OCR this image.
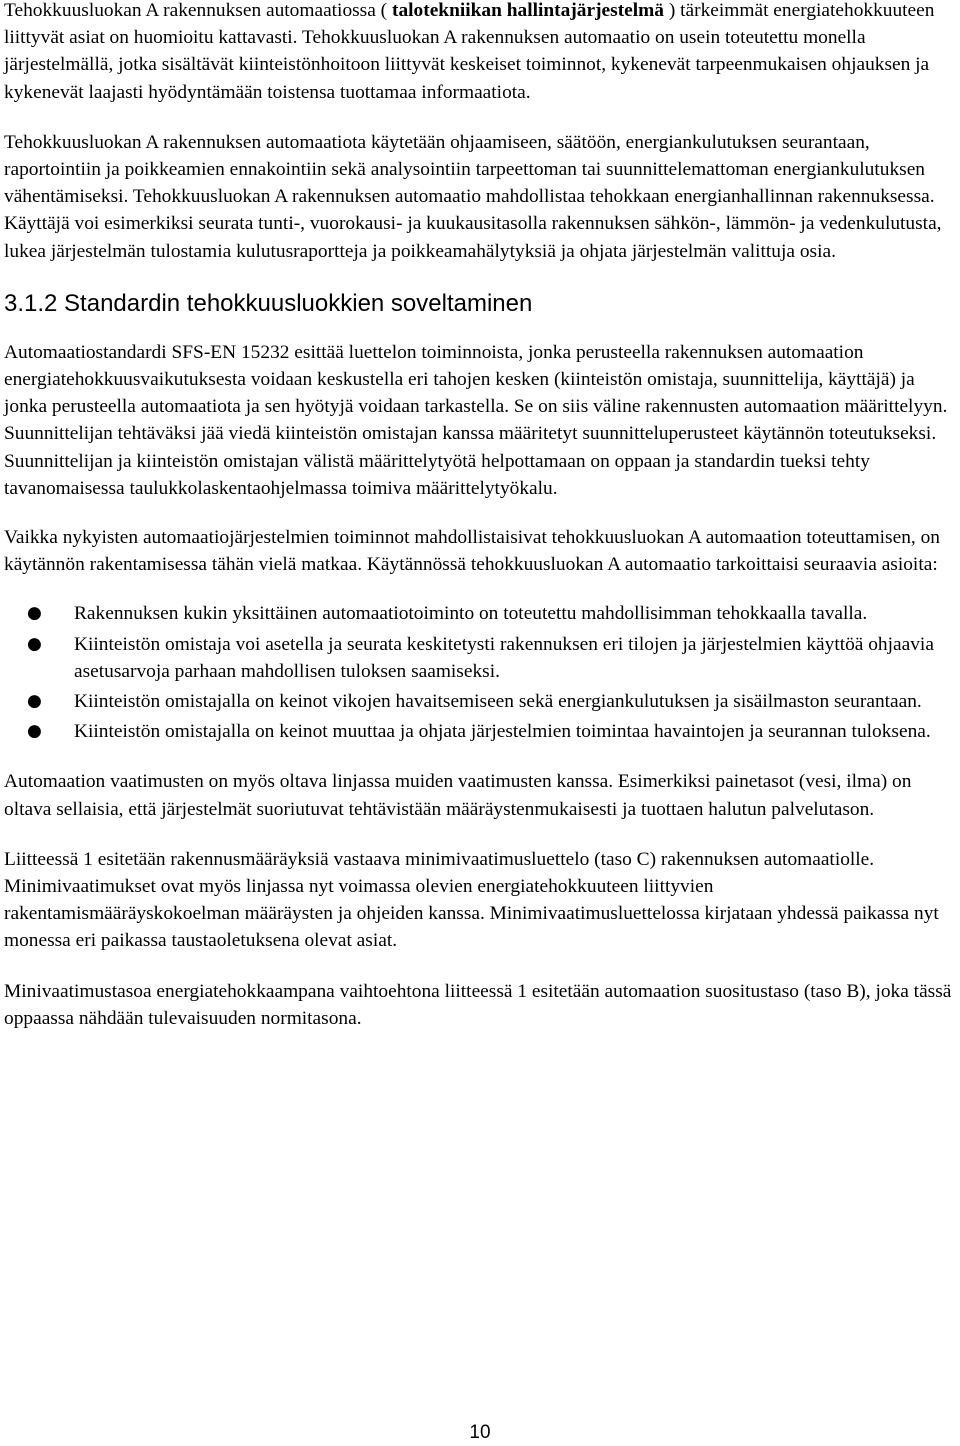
Tehokkuusluokan A rakennuksen automaatiossa ( talotekniikan hallintajärjestelmä ) tärkeimmät energiatehokkuuteen liittyvät asiat on huomioitu kattavasti. Tehokkuusluokan A rakennuksen automaatio on usein toteutettu monella järjestelmällä, jotka sisältävät kiinteistönhoitoon liittyvät keskeiset toiminnot, kykenevät tarpeenmukaisen ohjauksen ja kykenevät laajasti hyödyntämään toistensa tuottamaa informaatiota.

Tehokkuusluokan A rakennuksen automaatiota käytetään ohjaamiseen, säätöön, energiankulutuksen seurantaan, raportointiin ja poikkeamien ennakointiin sekä analysointiin tarpeettoman tai suunnittelemattoman energiankulutuksen vähentämiseksi. Tehokkuusluokan A rakennuksen automaatio mahdollistaa tehokkaan energianhallinnan rakennuksessa. Käyttäjä voi esimerkiksi seurata tunti-, vuorokausi- ja kuukausitasolla rakennuksen sähkön-, lämmön- ja vedenkulutusta, lukea järjestelmän tulostamia kulutusraportteja ja poikkeamahälytyksiä ja ohjata järjestelmän valittuja osia.

3.1.2 Standardin tehokkuusluokkien soveltaminen

Automaatiostandardi SFS-EN 15232 esittää luettelon toiminnoista, jonka perusteella rakennuksen automaation energiatehokkuusvaikutuksesta voidaan keskustella eri tahojen kesken (kiinteistön omistaja, suunnittelija, käyttäjä) ja jonka perusteella automaatiota ja sen hyötyjä voidaan tarkastella. Se on siis väline rakennusten automaation määrittelyyn. Suunnittelijan tehtäväksi jää viedä kiinteistön omistajan kanssa määritetyt suunnitteluperusteet käytännön toteutukseksi. Suunnittelijan ja kiinteistön omistajan välistä määrittelytyötä helpottamaan on oppaan ja standardin tueksi tehty tavanomaisessa taulukkolaskentaohjelmassa toimiva määrittelytyökalu.

Vaikka nykyisten automaatiojärjestelmien toiminnot mahdollistaisivat tehokkuusluokan A automaation toteuttamisen, on käytännön rakentamisessa tähän vielä matkaa. Käytännössä tehokkuusluokan A automaatio tarkoittaisi seuraavia asioita:

● Rakennuksen kukin yksittäinen automaatiotoiminto on toteutettu mahdollisimman tehokkaalla tavalla.
● Kiinteistön omistaja voi asetella ja seurata keskitetysti rakennuksen eri tilojen ja järjestelmien käyttöä ohjaavia asetusarvoja parhaan mahdollisen tuloksen saamiseksi.
● Kiinteistön omistajalla on keinot vikojen havaitsemiseen sekä energiankulutuksen ja sisäilmaston seurantaan.
● Kiinteistön omistajalla on keinot muuttaa ja ohjata järjestelmien toimintaa havaintojen ja seurannan tuloksena.

Automaation vaatimusten on myös oltava linjassa muiden vaatimusten kanssa. Esimerkiksi painetasot (vesi, ilma) on oltava sellaisia, että järjestelmät suoriutuvat tehtävistään määräystenmukaisesti ja tuottaen halutun palvelutason.

Liitteessä 1 esitetään rakennusmääräyksiä vastaava minimivaatimusluettelo (taso C) rakennuksen automaatiolle. Minimivaatimukset ovat myös linjassa nyt voimassa olevien energiatehokkuuteen liittyvien rakentamismääräyskokoelman määräysten ja ohjeiden kanssa. Minimivaatimusluettelossa kirjataan yhdessä paikassa nyt monessa eri paikassa taustaoletuksena olevat asiat.

Minivaatimustasoa energiatehokkaampana vaihtoehtona liitteessä 1 esitetään automaation suositustaso (taso B), joka tässä oppaassa nähdään tulevaisuuden normitasona.

10
